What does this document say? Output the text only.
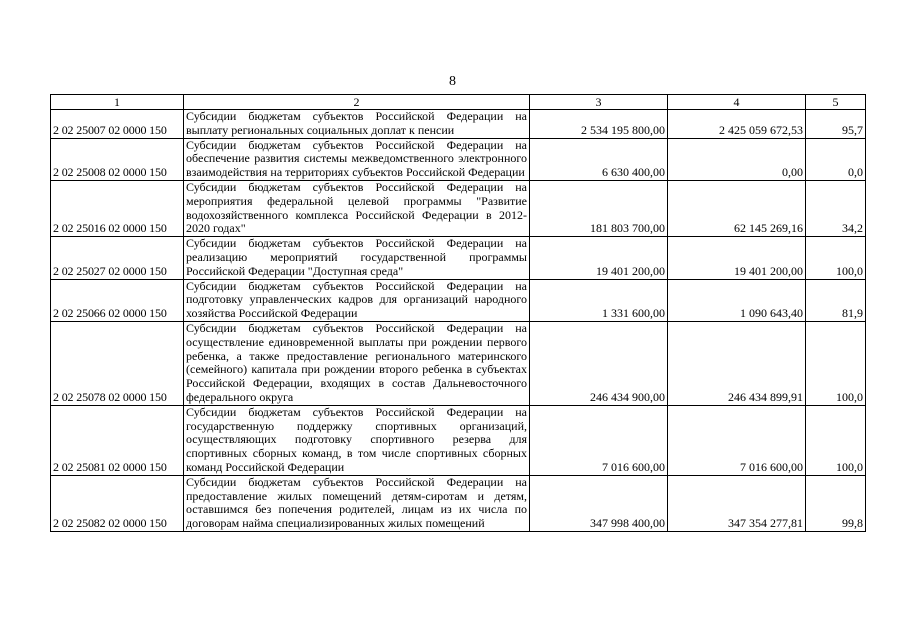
8
1	2	3	4	5
2 02 25007 02 0000 150	Субсидии бюджетам субъектов Российской Федерации на выплату региональных социальных доплат к пенсии	2 534 195 800,00	2 425 059 672,53	95,7
2 02 25008 02 0000 150	Субсидии бюджетам субъектов Российской Федерации на обеспечение развития системы межведомственного электронного взаимодействия на территориях субъектов Российской Федерации	6 630 400,00	0,00	0,0
2 02 25016 02 0000 150	Субсидии бюджетам субъектов Российской Федерации на мероприятия федеральной целевой программы "Развитие водохозяйственного комплекса Российской Федерации в 2012-2020 годах"	181 803 700,00	62 145 269,16	34,2
2 02 25027 02 0000 150	Субсидии бюджетам субъектов Российской Федерации на реализацию мероприятий государственной программы Российской Федерации "Доступная среда"	19 401 200,00	19 401 200,00	100,0
2 02 25066 02 0000 150	Субсидии бюджетам субъектов Российской Федерации на подготовку управленческих кадров для организаций народного хозяйства Российской Федерации	1 331 600,00	1 090 643,40	81,9
2 02 25078 02 0000 150	Субсидии бюджетам субъектов Российской Федерации на осуществление единовременной выплаты при рождении первого ребенка, а также предоставление регионального материнского (семейного) капитала при рождении второго ребенка в субъектах Российской Федерации, входящих в состав Дальневосточного федерального округа	246 434 900,00	246 434 899,91	100,0
2 02 25081 02 0000 150	Субсидии бюджетам субъектов Российской Федерации на государственную поддержку спортивных организаций, осуществляющих подготовку спортивного резерва для спортивных сборных команд, в том числе спортивных сборных команд Российской Федерации	7 016 600,00	7 016 600,00	100,0
2 02 25082 02 0000 150	Субсидии бюджетам субъектов Российской Федерации на предоставление жилых помещений детям-сиротам и детям, оставшимся без попечения родителей, лицам из их числа по договорам найма специализированных жилых помещений	347 998 400,00	347 354 277,81	99,8
